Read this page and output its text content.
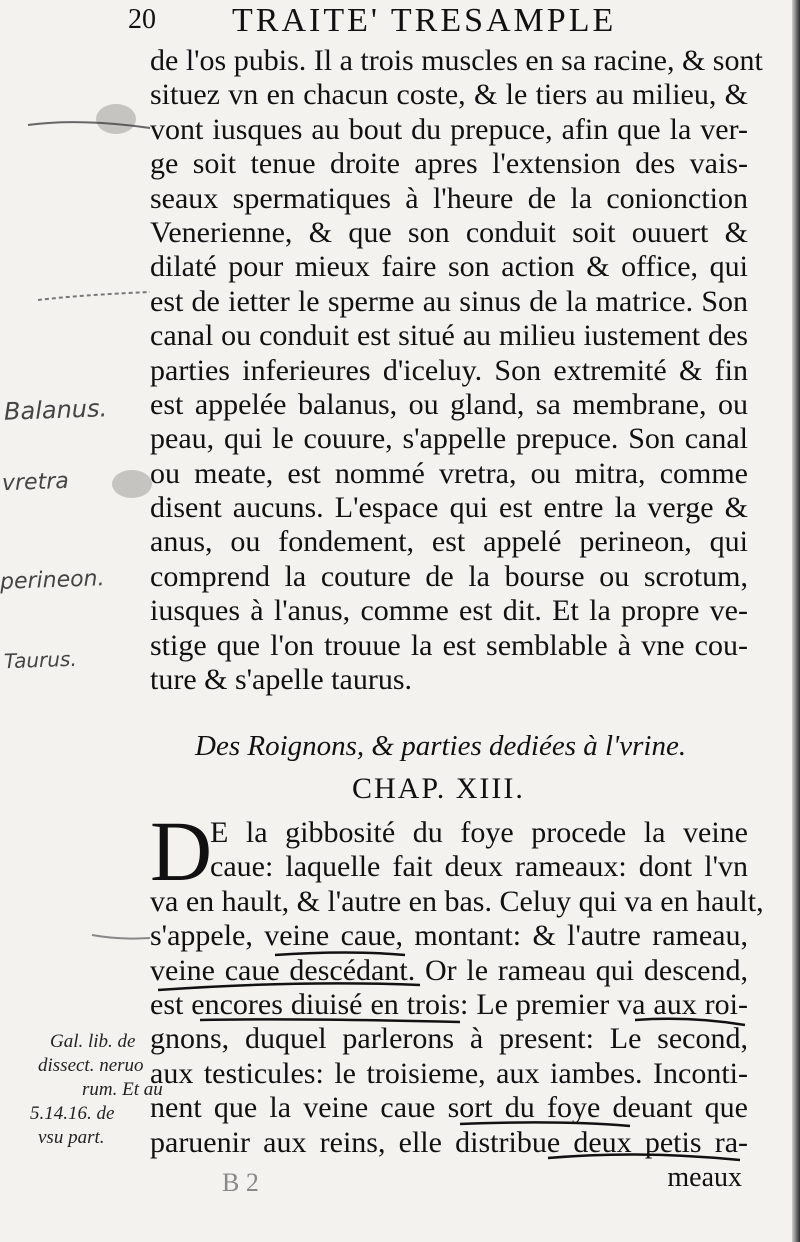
20 TRAITE' TRESAMPLE
de l'os pubis. Il a trois muscles en sa racine, & sont
situez vn en chacun coste, & le tiers au milieu, &
vont iusques au bout du prepuce, afin que la ver-
ge soit tenue droite apres l'extension des vais-
seaux spermatiques à l'heure de la conionction
Venerienne, & que son conduit soit ouuert &
dilaté pour mieux faire son action & office, qui
est de ietter le sperme au sinus de la matrice. Son
canal ou conduit est situé au milieu iustement des
parties inferieures d'iceluy. Son extremité & fin
est appelée balanus, ou gland, sa membrane, ou
peau, qui le couure, s'appelle prepuce. Son canal
ou meate, est nommé vretra, ou mitra, comme
disent aucuns. L'espace qui est entre la verge &
anus, ou fondement, est appelé perineon, qui
comprend la couture de la bourse ou scrotum,
iusques à l'anus, comme est dit. Et la propre ve-
stige que l'on trouue la est semblable à vne cou-
ture & s'apelle taurus.
Des Roignons, & parties dediées à l'vrine.
CHAP. XIII.
D
E la gibbosité du foye procede la veine
caue: laquelle fait deux rameaux: dont l'vn
va en hault, & l'autre en bas. Celuy qui va en hault,
s'appele, veine caue, montant: & l'autre rameau,
veine caue descédant. Or le rameau qui descend,
est encores diuisé en trois: Le premier va aux roi-
gnons, duquel parlerons à present: Le second,
aux testicules: le troisieme, aux iambes. Inconti-
nent que la veine caue sort du foye deuant que
paruenir aux reins, elle distribue deux petis ra-
Gal. lib. de
dissect. neruo
rum. Et au
5.14.16. de
vsu part.
Balanus.
vretra
perineon.
Taurus.
B 2	meaux
